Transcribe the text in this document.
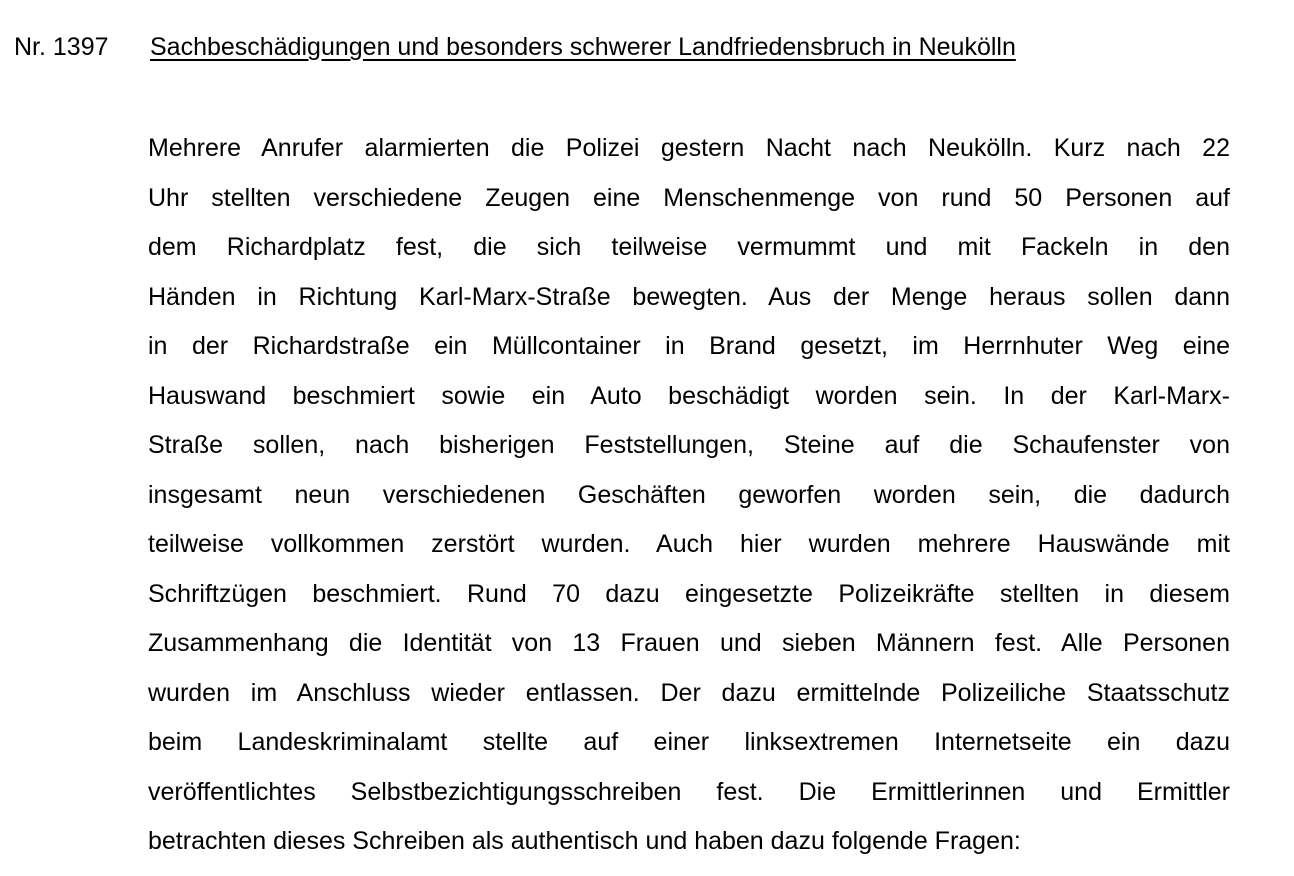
Nr. 1397 Sachbeschädigungen und besonders schwerer Landfriedensbruch in Neukölln
Mehrere Anrufer alarmierten die Polizei gestern Nacht nach Neukölln. Kurz nach 22
Uhr stellten verschiedene Zeugen eine Menschenmenge von rund 50 Personen auf
dem Richardplatz fest, die sich teilweise vermummt und mit Fackeln in den
Händen in Richtung Karl-Marx-Straße bewegten. Aus der Menge heraus sollen dann
in der Richardstraße ein Müllcontainer in Brand gesetzt, im Herrnhuter Weg eine
Hauswand beschmiert sowie ein Auto beschädigt worden sein. In der Karl-Marx-
Straße sollen, nach bisherigen Feststellungen, Steine auf die Schaufenster von
insgesamt neun verschiedenen Geschäften geworfen worden sein, die dadurch
teilweise vollkommen zerstört wurden. Auch hier wurden mehrere Hauswände mit
Schriftzügen beschmiert. Rund 70 dazu eingesetzte Polizeikräfte stellten in diesem
Zusammenhang die Identität von 13 Frauen und sieben Männern fest. Alle Personen
wurden im Anschluss wieder entlassen. Der dazu ermittelnde Polizeiliche Staatsschutz
beim Landeskriminalamt stellte auf einer linksextremen Internetseite ein dazu
veröffentlichtes Selbstbezichtigungsschreiben fest. Die Ermittlerinnen und Ermittler
betrachten dieses Schreiben als authentisch und haben dazu folgende Fragen:
